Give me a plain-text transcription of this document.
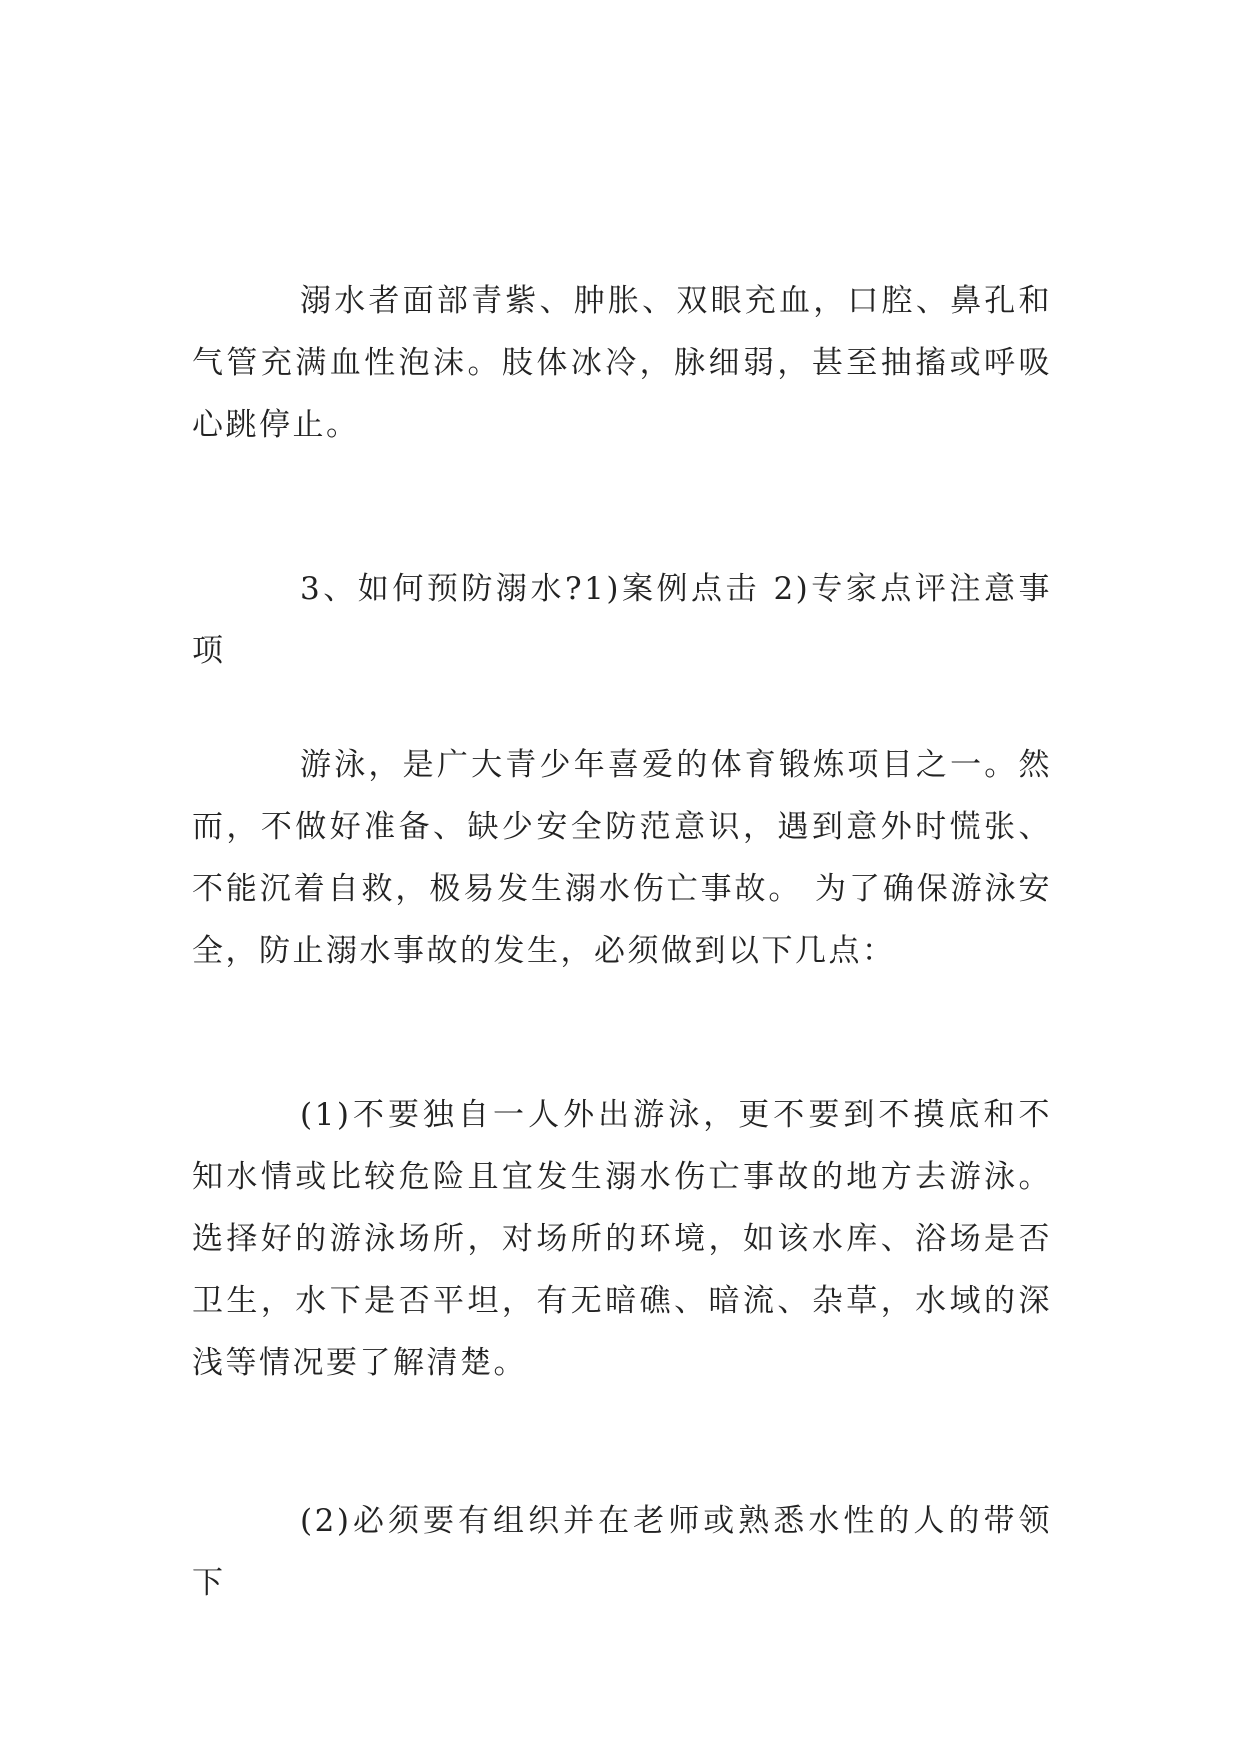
溺水者面部青紫、肿胀、双眼充血，口腔、鼻孔和气管充满血性泡沫。肢体冰冷，脉细弱，甚至抽搐或呼吸心跳停止。

3、如何预防溺水?1)案例点击 2)专家点评注意事项

游泳，是广大青少年喜爱的体育锻炼项目之一。然而，不做好准备、缺少安全防范意识，遇到意外时慌张、不能沉着自救，极易发生溺水伤亡事故。 为了确保游泳安全，防止溺水事故的发生，必须做到以下几点：

(1)不要独自一人外出游泳，更不要到不摸底和不知水情或比较危险且宜发生溺水伤亡事故的地方去游泳。选择好的游泳场所，对场所的环境，如该水库、浴场是否卫生，水下是否平坦，有无暗礁、暗流、杂草，水域的深浅等情况要了解清楚。

(2)必须要有组织并在老师或熟悉水性的人的带领下
